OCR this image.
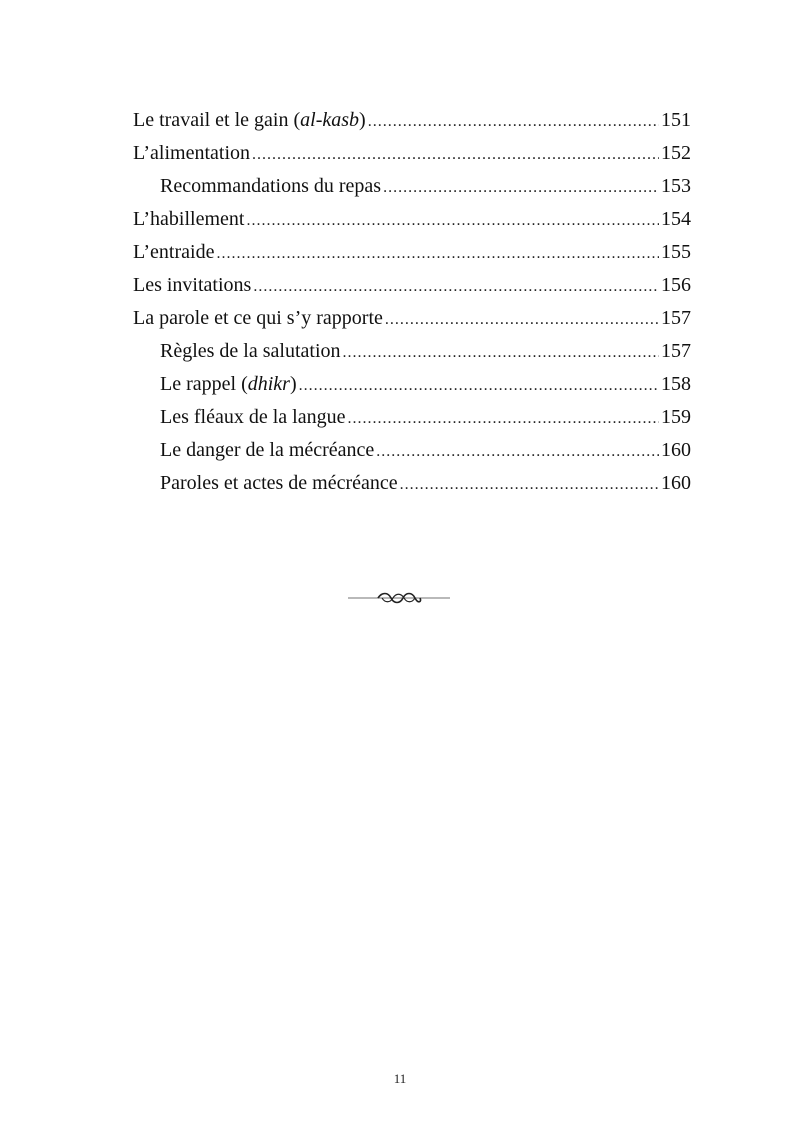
Le travail et le gain (al-kasb) .....	151
L’alimentation .....	152
Recommandations du repas .....	153
L’habillement .....	154
L’entraide .....	155
Les invitations .....	156
La parole et ce qui s’y rapporte .....	157
Règles de la salutation .....	157
Le rappel (dhikr) .....	158
Les fléaux de la langue .....	159
Le danger de la mécréance .....	160
Paroles et actes de mécréance .....	160
11
